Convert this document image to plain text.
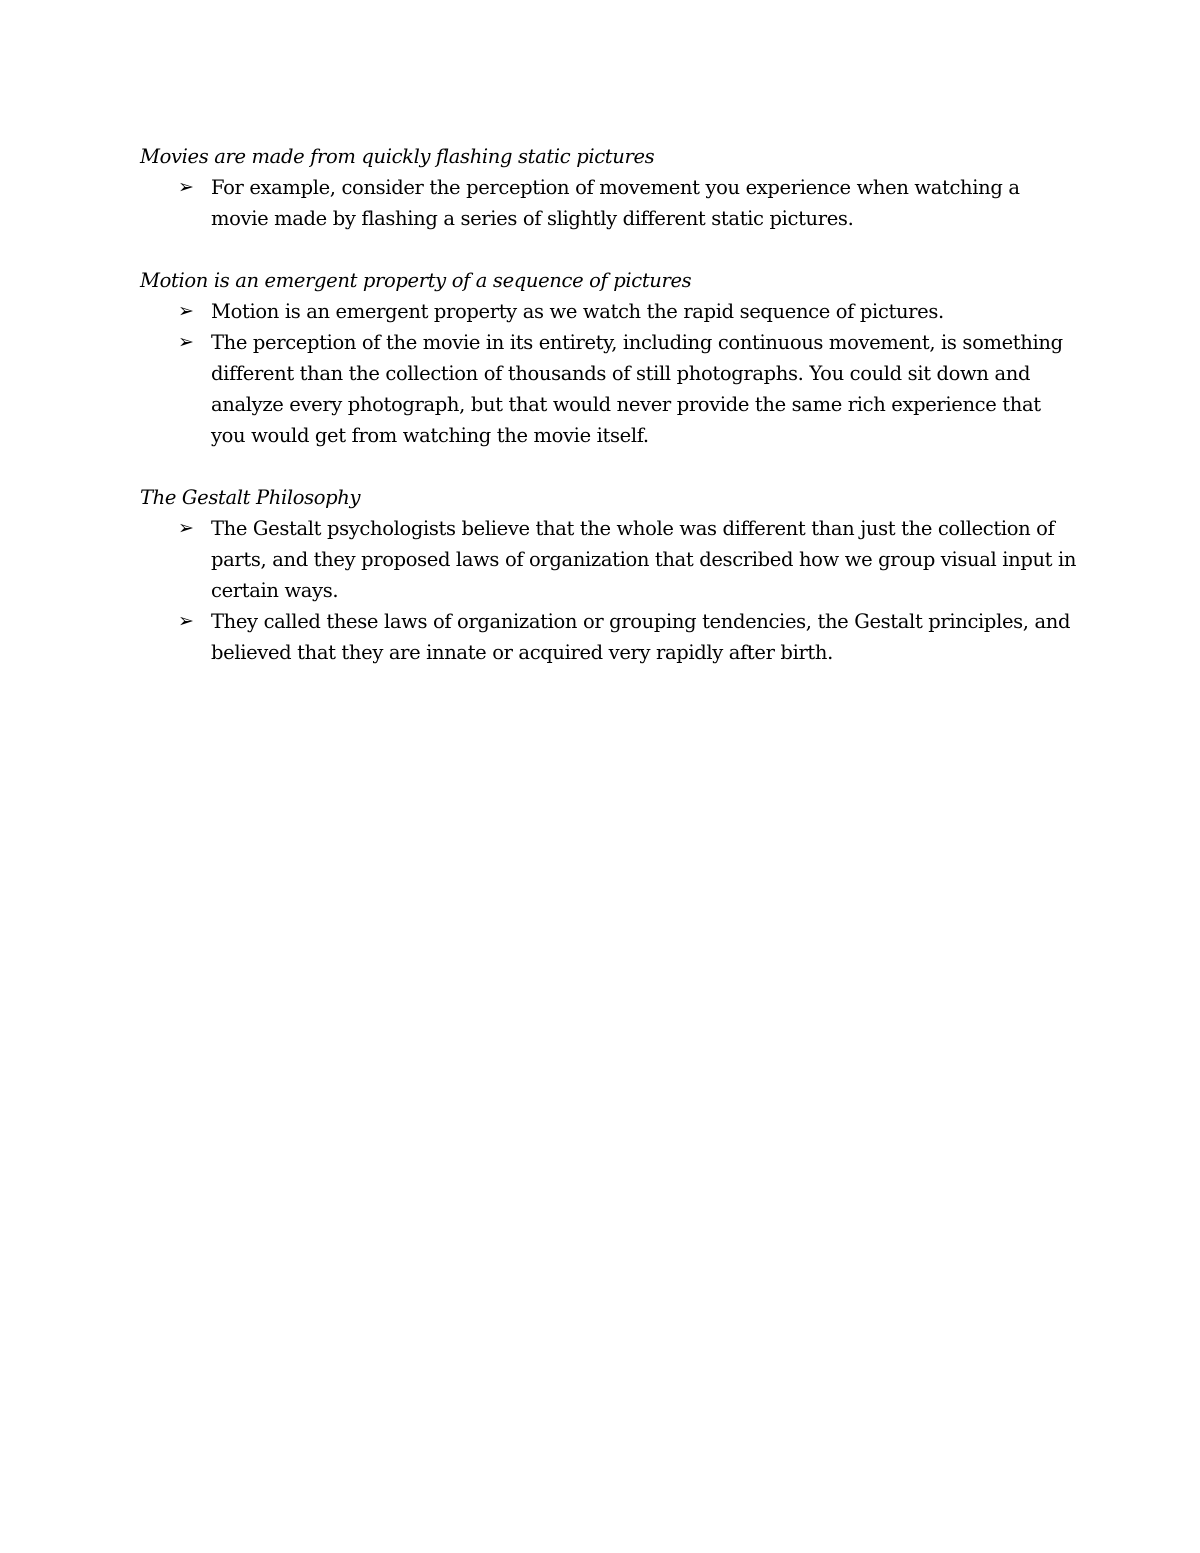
Movies are made from quickly flashing static pictures
➢ For example, consider the perception of movement you experience when watching a movie made by flashing a series of slightly different static pictures.
Motion is an emergent property of a sequence of pictures
➢ Motion is an emergent property as we watch the rapid sequence of pictures.
➢ The perception of the movie in its entirety, including continuous movement, is something different than the collection of thousands of still photographs. You could sit down and analyze every photograph, but that would never provide the same rich experience that you would get from watching the movie itself.
The Gestalt Philosophy
➢ The Gestalt psychologists believe that the whole was different than just the collection of parts, and they proposed laws of organization that described how we group visual input in certain ways.
➢ They called these laws of organization or grouping tendencies, the Gestalt principles, and believed that they are innate or acquired very rapidly after birth.
